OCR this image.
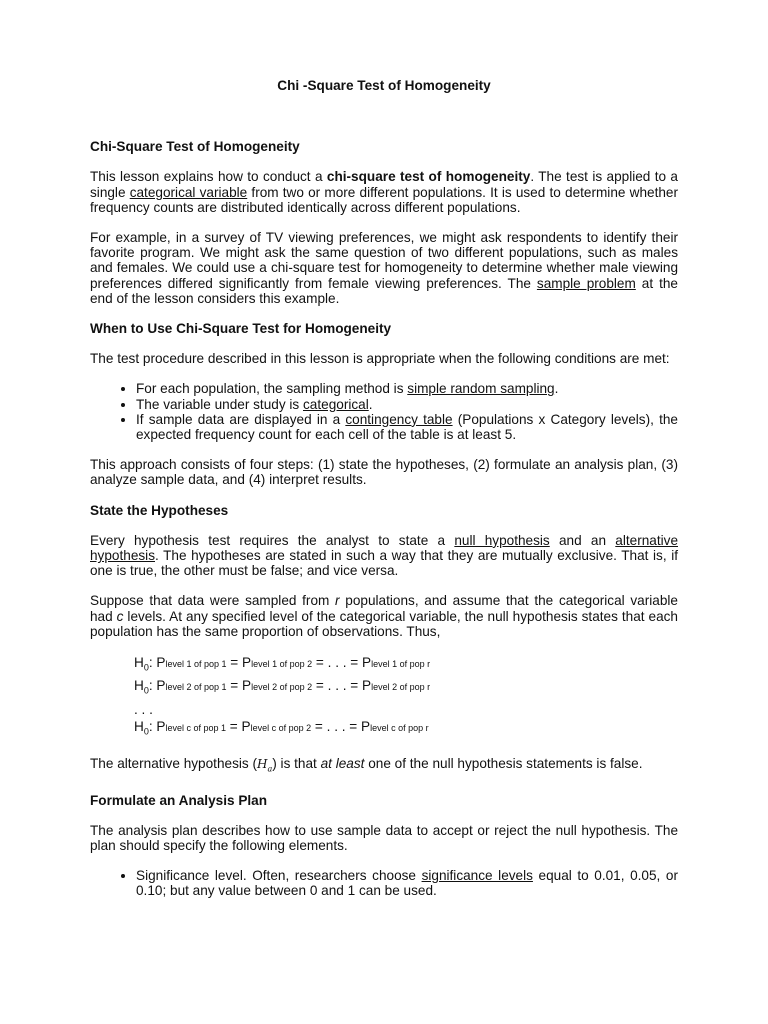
Chi -Square Test of Homogeneity

Chi-Square Test of Homogeneity

This lesson explains how to conduct a chi-square test of homogeneity. The test is applied to a single categorical variable from two or more different populations. It is used to determine whether frequency counts are distributed identically across different populations.

For example, in a survey of TV viewing preferences, we might ask respondents to identify their favorite program. We might ask the same question of two different populations, such as males and females. We could use a chi-square test for homogeneity to determine whether male viewing preferences differed significantly from female viewing preferences. The sample problem at the end of the lesson considers this example.

When to Use Chi-Square Test for Homogeneity

The test procedure described in this lesson is appropriate when the following conditions are met:

• For each population, the sampling method is simple random sampling.
• The variable under study is categorical.
• If sample data are displayed in a contingency table (Populations x Category levels), the expected frequency count for each cell of the table is at least 5.

This approach consists of four steps: (1) state the hypotheses, (2) formulate an analysis plan, (3) analyze sample data, and (4) interpret results.

State the Hypotheses

Every hypothesis test requires the analyst to state a null hypothesis and an alternative hypothesis. The hypotheses are stated in such a way that they are mutually exclusive. That is, if one is true, the other must be false; and vice versa.

Suppose that data were sampled from r populations, and assume that the categorical variable had c levels. At any specified level of the categorical variable, the null hypothesis states that each population has the same proportion of observations. Thus,

$H_0$: Plevel 1 of pop 1 = Plevel 1 of pop 2 = . . . = Plevel 1 of pop r
$H_0$: Plevel 2 of pop 1 = Plevel 2 of pop 2 = . . . = Plevel 2 of pop r
. . .
$H_0$: Plevel c of pop 1 = Plevel c of pop 2 = . . . = Plevel c of pop r

The alternative hypothesis $(H_a)$ is that at least one of the null hypothesis statements is false.

Formulate an Analysis Plan

The analysis plan describes how to use sample data to accept or reject the null hypothesis. The plan should specify the following elements.

• Significance level. Often, researchers choose significance levels equal to 0.01, 0.05, or 0.10; but any value between 0 and 1 can be used.
